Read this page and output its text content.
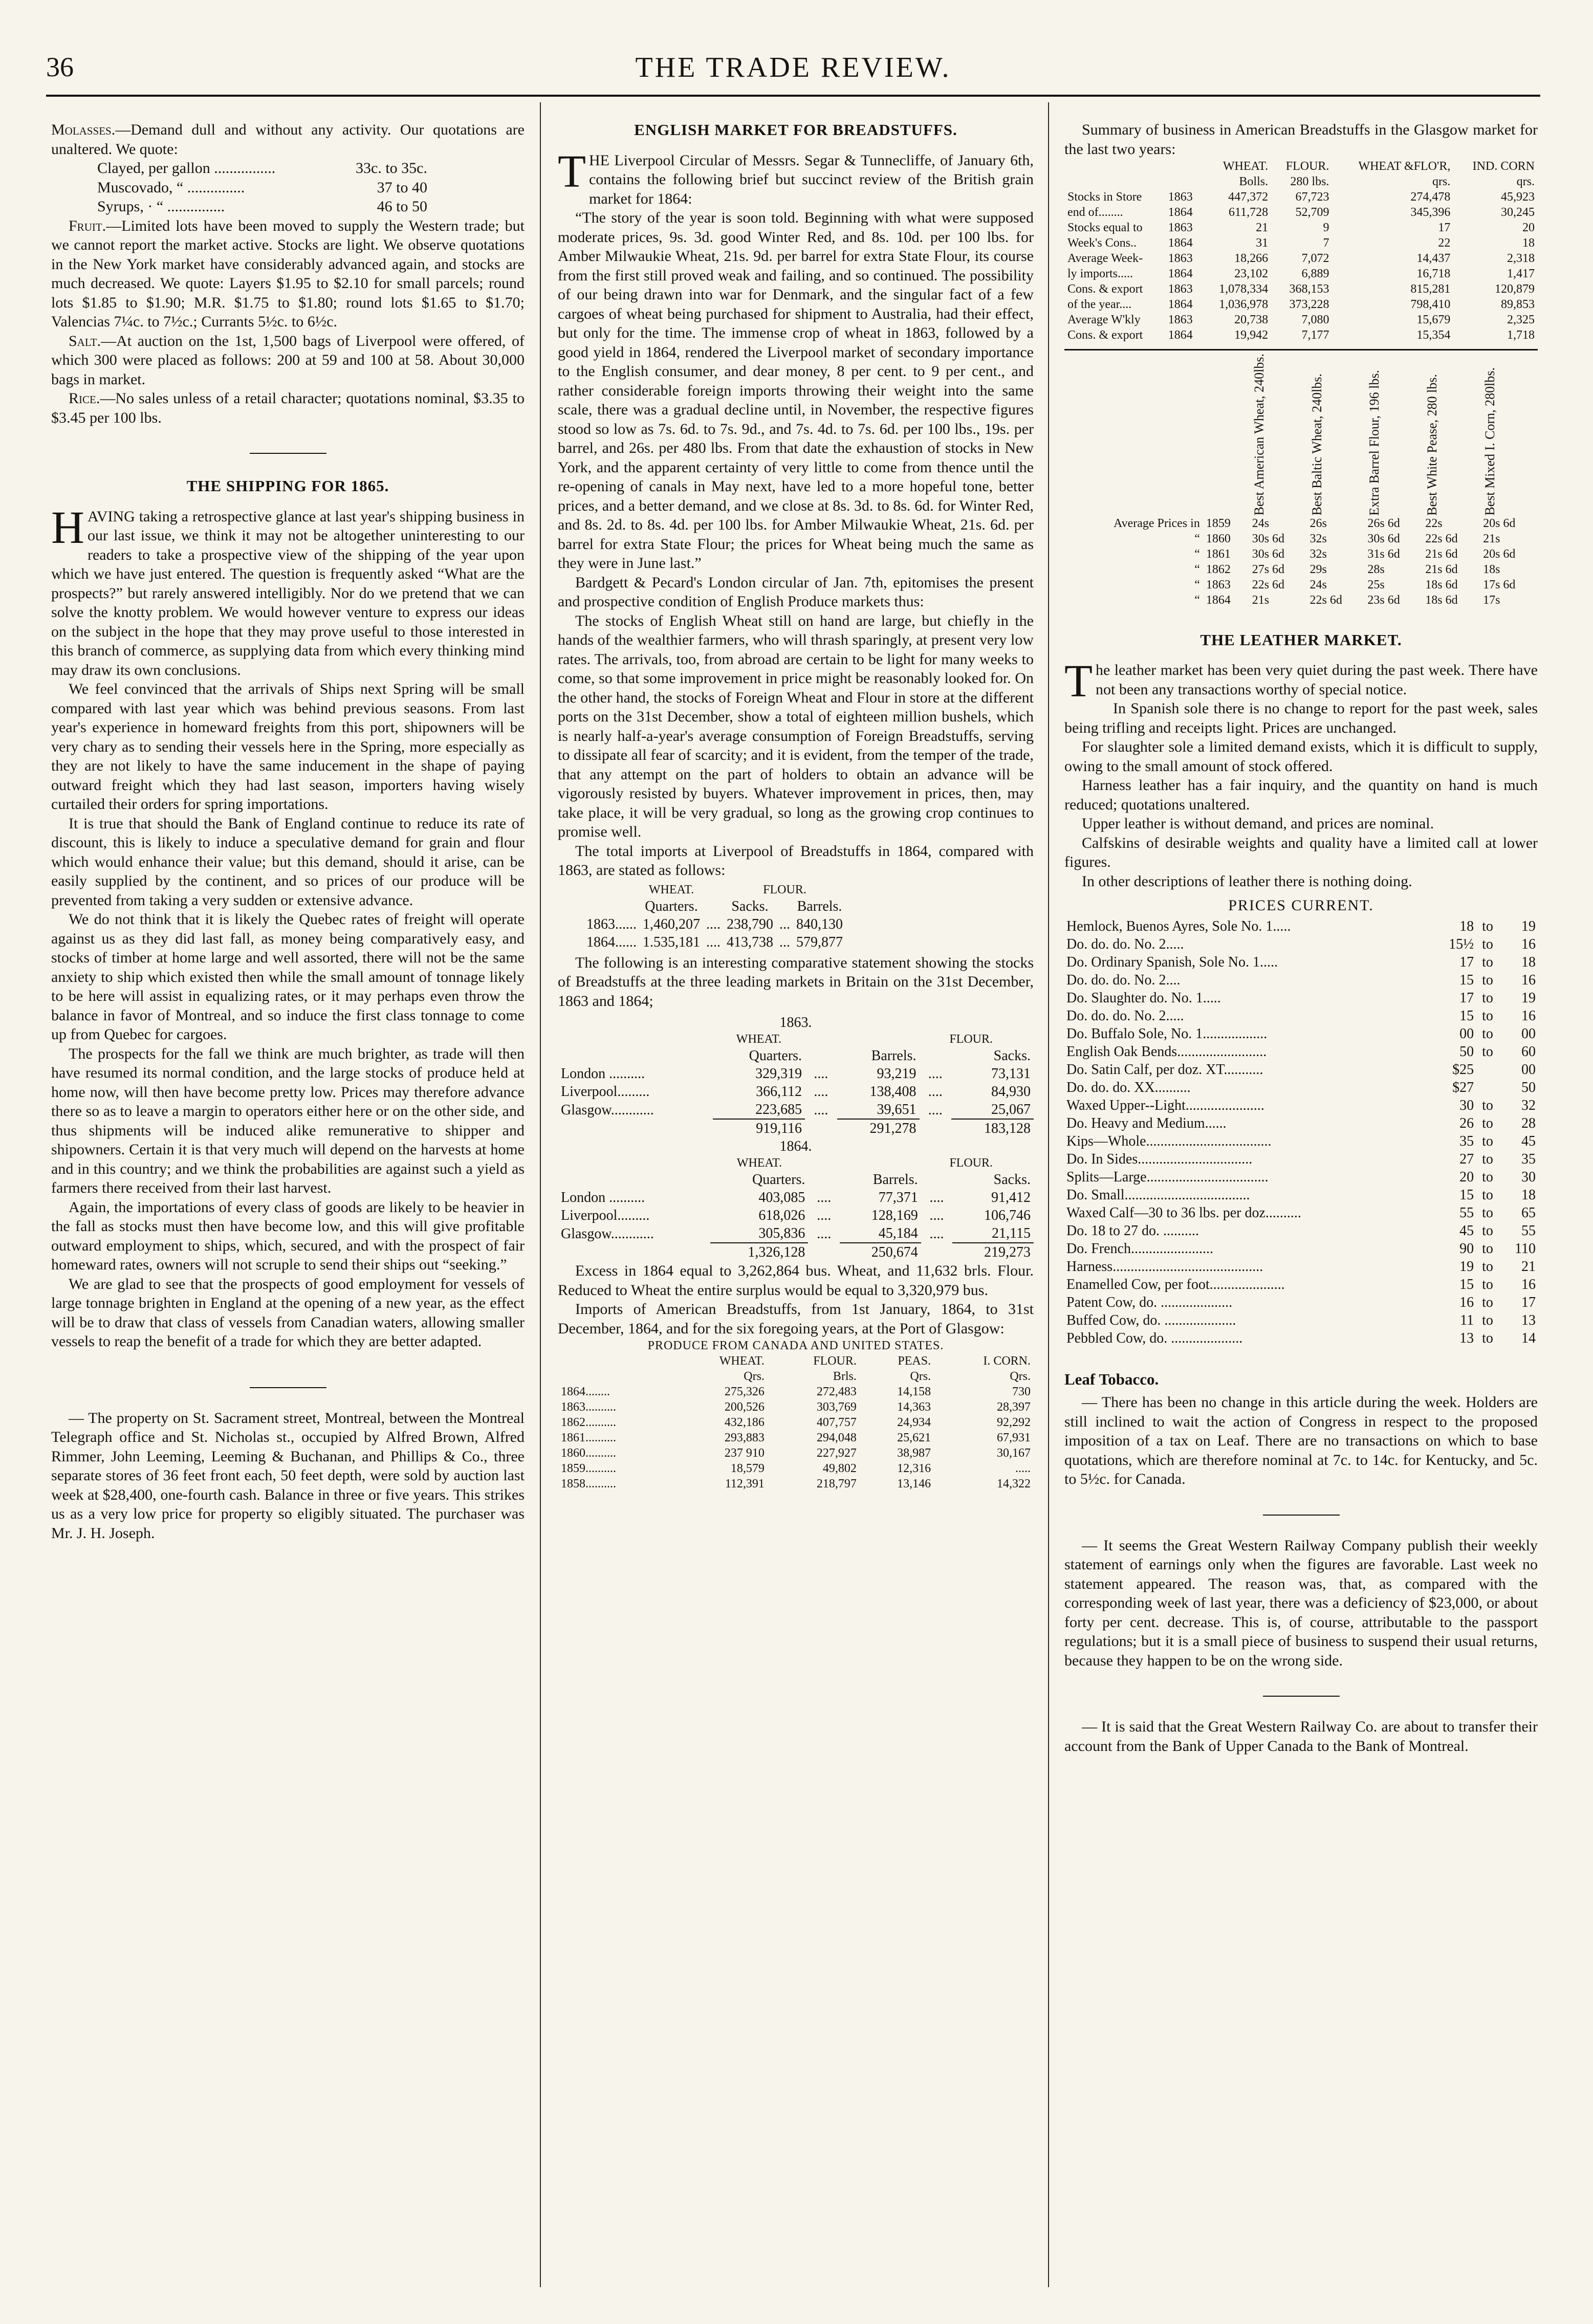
THE TRADE REVIEW.
36

Molasses.—Demand dull and without any activity. Our quotations are unaltered. We quote:

Clayed, per gallon ................	33c. to 35c.
Muscovado, “ ...............	37 to 40
Syrups, · “ ...............	46 to 50

Fruit.—Limited lots have been moved to supply the Western trade; but we cannot report the market active. Stocks are light. We observe quotations in the New York market have considerably advanced again, and stocks are much decreased. We quote: Layers $1.95 to $2.10 for small parcels; round lots $1.85 to $1.90; M.R. $1.75 to $1.80; round lots $1.65 to $1.70; Valencias 7¼c. to 7½c.; Currants 5½c. to 6½c.

Salt.—At auction on the 1st, 1,500 bags of Liverpool were offered, of which 300 were placed as follows: 200 at 59 and 100 at 58. About 30,000 bags in market.

Rice.—No sales unless of a retail character; quotations nominal, $3.35 to $3.45 per 100 lbs.

THE SHIPPING FOR 1865.

HAVING taking a retrospective glance at last year's shipping business in our last issue, we think it may not be altogether uninteresting to our readers to take a prospective view of the shipping of the year upon which we have just entered. The question is frequently asked “What are the prospects?” but rarely answered intelligibly. Nor do we pretend that we can solve the knotty problem. We would however venture to express our ideas on the subject in the hope that they may prove useful to those interested in this branch of commerce, as supplying data from which every thinking mind may draw its own conclusions.

We feel convinced that the arrivals of Ships next Spring will be small compared with last year which was behind previous seasons. From last year's experience in homeward freights from this port, shipowners will be very chary as to sending their vessels here in the Spring, more especially as they are not likely to have the same inducement in the shape of paying outward freight which they had last season, importers having wisely curtailed their orders for spring importations.

It is true that should the Bank of England continue to reduce its rate of discount, this is likely to induce a speculative demand for grain and flour which would enhance their value; but this demand, should it arise, can be easily supplied by the continent, and so prices of our produce will be prevented from taking a very sudden or extensive advance.

We do not think that it is likely the Quebec rates of freight will operate against us as they did last fall, as money being comparatively easy, and stocks of timber at home large and well assorted, there will not be the same anxiety to ship which existed then while the small amount of tonnage likely to be here will assist in equalizing rates, or it may perhaps even throw the balance in favor of Montreal, and so induce the first class tonnage to come up from Quebec for cargoes.

The prospects for the fall we think are much brighter, as trade will then have resumed its normal condition, and the large stocks of produce held at home now, will then have become pretty low. Prices may therefore advance there so as to leave a margin to operators either here or on the other side, and thus shipments will be induced alike remunerative to shipper and shipowners. Certain it is that very much will depend on the harvests at home and in this country; and we think the probabilities are against such a yield as farmers there received from their last harvest.

Again, the importations of every class of goods are likely to be heavier in the fall as stocks must then have become low, and this will give profitable outward employment to ships, which, secured, and with the prospect of fair homeward rates, owners will not scruple to send their ships out “seeking.”

We are glad to see that the prospects of good employment for vessels of large tonnage brighten in England at the opening of a new year, as the effect will be to draw that class of vessels from Canadian waters, allowing smaller vessels to reap the benefit of a trade for which they are better adapted.

— The property on St. Sacrament street, Montreal, between the Montreal Telegraph office and St. Nicholas st., occupied by Alfred Brown, Alfred Rimmer, John Leeming, Leeming & Buchanan, and Phillips & Co., three separate stores of 36 feet front each, 50 feet depth, were sold by auction last week at $28,400, one-fourth cash. Balance in three or five years. This strikes us as a very low price for property so eligibly situated. The purchaser was Mr. J. H. Joseph.

ENGLISH MARKET FOR BREADSTUFFS.

THE Liverpool Circular of Messrs. Segar & Tunnecliffe, of January 6th, contains the following brief but succinct review of the British grain market for 1864:

“The story of the year is soon told. Beginning with what were supposed moderate prices, 9s. 3d. good Winter Red, and 8s. 10d. per 100 lbs. for Amber Milwaukie Wheat, 21s. 9d. per barrel for extra State Flour, its course from the first still proved weak and failing, and so continued. The possibility of our being drawn into war for Denmark, and the singular fact of a few cargoes of wheat being purchased for shipment to Australia, had their effect, but only for the time. The immense crop of wheat in 1863, followed by a good yield in 1864, rendered the Liverpool market of secondary importance to the English consumer, and dear money, 8 per cent. to 9 per cent., and rather considerable foreign imports throwing their weight into the same scale, there was a gradual decline until, in November, the respective figures stood so low as 7s. 6d. to 7s. 9d., and 7s. 4d. to 7s. 6d. per 100 lbs., 19s. per barrel, and 26s. per 480 lbs. From that date the exhaustion of stocks in New York, and the apparent certainty of very little to come from thence until the re-opening of canals in May next, have led to a more hopeful tone, better prices, and a better demand, and we close at 8s. 3d. to 8s. 6d. for Winter Red, and 8s. 2d. to 8s. 4d. per 100 lbs. for Amber Milwaukie Wheat, 21s. 6d. per barrel for extra State Flour; the prices for Wheat being much the same as they were in June last.”

Bardgett & Pecard's London circular of Jan. 7th, epitomises the present and prospective condition of English Produce markets thus:

The stocks of English Wheat still on hand are large, but chiefly in the hands of the wealthier farmers, who will thrash sparingly, at present very low rates. The arrivals, too, from abroad are certain to be light for many weeks to come, so that some improvement in price might be reasonably looked for. On the other hand, the stocks of Foreign Wheat and Flour in store at the different ports on the 31st December, show a total of eighteen million bushels, which is nearly half-a-year's average consumption of Foreign Breadstuffs, serving to dissipate all fear of scarcity; and it is evident, from the temper of the trade, that any attempt on the part of holders to obtain an advance will be vigorously resisted by buyers. Whatever improvement in prices, then, may take place, it will be very gradual, so long as the growing crop continues to promise well.

The total imports at Liverpool of Breadstuffs in 1864, compared with 1863, are stated as follows:

	WHEAT.		FLOUR.		
	Quarters.		Sacks.		Barrels.
1863......	1,460,207	....	238,790	...	840,130
1864......	1.535,181	....	413,738	...	579,877

The following is an interesting comparative statement showing the stocks of Breadstuffs at the three leading markets in Britain on the 31st December, 1863 and 1864;

1863.					
	WHEAT.		FLOUR.		
	Quarters.		Barrels.		Sacks.
London ..........	329,319	....	93,219	....	73,131
Liverpool.........	366,112	....	138,408	....	84,930
Glasgow............	223,685	....	39,651	....	25,067
	919,116		291,278		183,128
1864.					
	WHEAT.		FLOUR.		
	Quarters.		Barrels.		Sacks.
London ..........	403,085	....	77,371	....	91,412
Liverpool.........	618,026	....	128,169	....	106,746
Glasgow............	305,836	....	45,184	....	21,115
	1,326,128		250,674		219,273

Excess in 1864 equal to 3,262,864 bus. Wheat, and 11,632 brls. Flour. Reduced to Wheat the entire surplus would be equal to 3,320,979 bus.

Imports of American Breadstuffs, from 1st January, 1864, to 31st December, 1864, and for the six foregoing years, at the Port of Glasgow:

PRODUCE FROM CANADA AND UNITED STATES.
	WHEAT.	FLOUR.	PEAS.	I. CORN.
	Qrs.	Brls.	Qrs.	Qrs.
1864........	275,326	272,483	14,158	730
1863..........	200,526	303,769	14,363	28,397
1862..........	432,186	407,757	24,934	92,292
1861..........	293,883	294,048	25,621	67,931
1860..........	237 910	227,927	38,987	30,167
1859..........	18,579	49,802	12,316	.....
1858..........	112,391	218,797	13,146	14,322

Summary of business in American Breadstuffs in the Glasgow market for the last two years:

		WHEAT.	FLOUR.	WHEAT &FLO'R,	IND. CORN
		Bolls.	280 lbs.	qrs.	qrs.
Stocks in Store	1863	447,372	67,723	274,478	45,923
end of........	1864	611,728	52,709	345,396	30,245
Stocks equal to	1863	21	9	17	20
Week's Cons..	1864	31	7	22	18
Average Week-	1863	18,266	7,072	14,437	2,318
ly imports.....	1864	23,102	6,889	16,718	1,417
Cons. & export	1863	1,078,334	368,153	815,281	120,879
of the year....	1864	1,036,978	373,228	798,410	89,853
Average W'kly	1863	20,738	7,080	15,679	2,325
Cons. & export	1864	19,942	7,177	15,354	1,718

		Best American Wheat, 240lbs.	Best Baltic Wheat, 240lbs.	Extra Barrel Flour, 196 lbs.	Best White Pease, 280 lbs.	Best Mixed I. Corn, 280lbs.

Average Prices in	1859	24s	26s	26s 6d	22s	20s 6d
“	1860	30s 6d	32s	30s 6d	22s 6d	21s
“	1861	30s 6d	32s	31s 6d	21s 6d	20s 6d
“	1862	27s 6d	29s	28s	21s 6d	18s
“	1863	22s 6d	24s	25s	18s 6d	17s 6d
“	1864	21s	22s 6d	23s 6d	18s 6d	17s
THE LEATHER MARKET.

The leather market has been very quiet during the past week. There have not been any transactions worthy of special notice.

In Spanish sole there is no change to report for the past week, sales being trifling and receipts light. Prices are unchanged.

For slaughter sole a limited demand exists, which it is difficult to supply, owing to the small amount of stock offered.

Harness leather has a fair inquiry, and the quantity on hand is much reduced; quotations unaltered.

Upper leather is without demand, and prices are nominal.

Calfskins of desirable weights and quality have a limited call at lower figures.

In other descriptions of leather there is nothing doing.

PRICES CURRENT.
Hemlock, Buenos Ayres, Sole No. 1.....	18	to	19
Do. do. do. No. 2.....	15½	to	16
Do. Ordinary Spanish, Sole No. 1.....	17	to	18
Do. do. do. No. 2....	15	to	16
Do. Slaughter do. No. 1.....	17	to	19
Do. do. do. No. 2.....	15	to	16
Do. Buffalo Sole, No. 1..................	00	to	00
English Oak Bends.........................	50	to	60
Do. Satin Calf, per doz. XT...........	$25		00
Do. do. do. XX..........	$27		50
Waxed Upper--Light......................	30	to	32
Do. Heavy and Medium......	26	to	28
Kips—Whole...................................	35	to	45
Do. In Sides................................	27	to	35
Splits—Large..................................	20	to	30
Do. Small...................................	15	to	18
Waxed Calf—30 to 36 lbs. per doz..........	55	to	65
Do. 18 to 27 do. ..........	45	to	55
Do. French.......................	90	to	110
Harness..........................................	19	to	21
Enamelled Cow, per foot.....................	15	to	16
Patent Cow, do. ....................	16	to	17
Buffed Cow, do. ....................	11	to	13
Pebbled Cow, do. ....................	13	to	14
Leaf Tobacco.

— There has been no change in this article during the week. Holders are still inclined to wait the action of Congress in respect to the proposed imposition of a tax on Leaf. There are no transactions on which to base quotations, which are therefore nominal at 7c. to 14c. for Kentucky, and 5c. to 5½c. for Canada.

— It seems the Great Western Railway Company publish their weekly statement of earnings only when the figures are favorable. Last week no statement appeared. The reason was, that, as compared with the corresponding week of last year, there was a deficiency of $23,000, or about forty per cent. decrease. This is, of course, attributable to the passport regulations; but it is a small piece of business to suspend their usual returns, because they happen to be on the wrong side.

— It is said that the Great Western Railway Co. are about to transfer their account from the Bank of Upper Canada to the Bank of Montreal.
